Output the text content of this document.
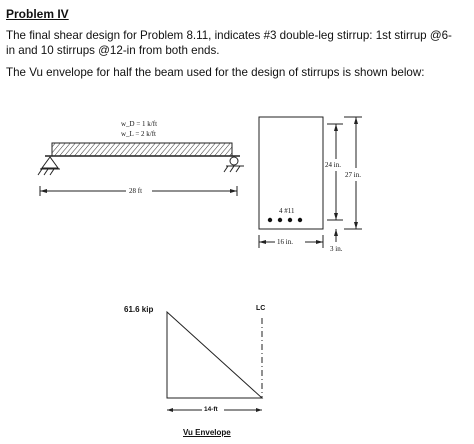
Problem IV
The final shear design for Problem 8.11, indicates #3 double-leg stirrup: 1st stirrup @6-
in and 10 stirrups @12-in from both ends.
The Vu envelope for half the beam used for the design of stirrups is shown below:
w_D = 1 k/ft
w_L = 2 k/ft
28 ft
24 in.
27 in.
4 #11
16 in.
3 in.
61.6 kip	LC
14-ft
Vu Envelope
